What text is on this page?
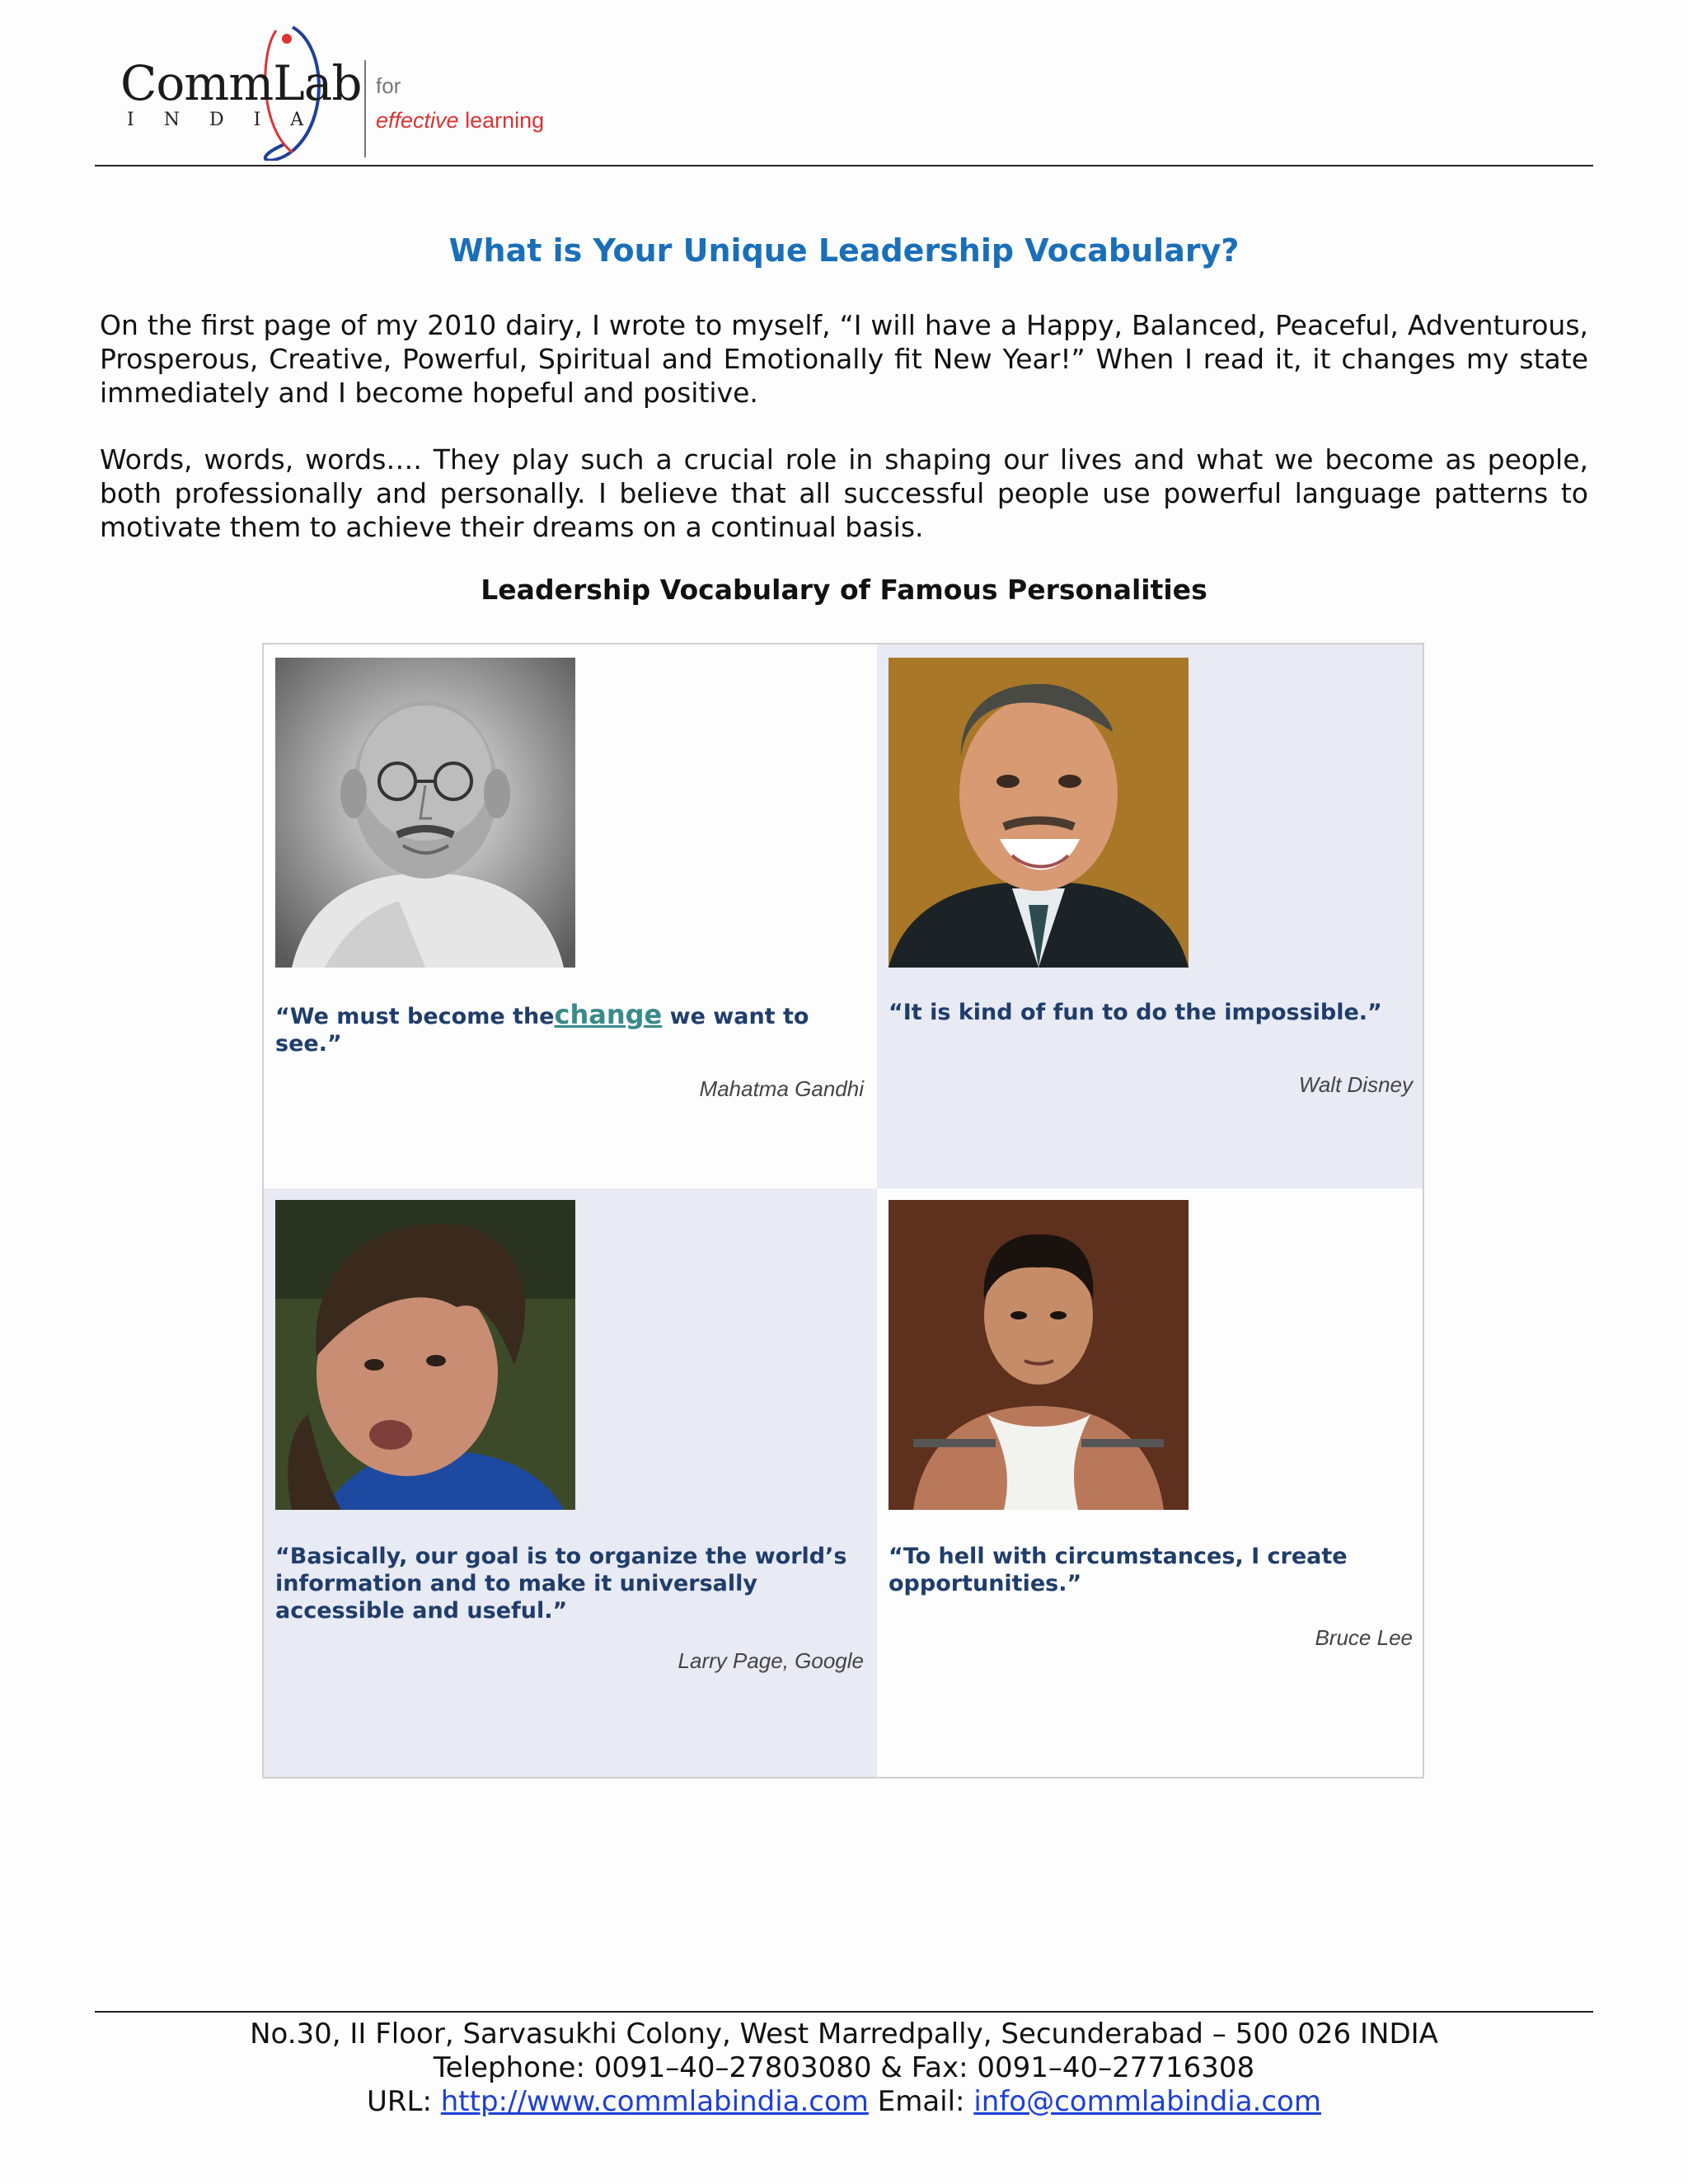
CommLab
INDIA
for
effective learning
What is Your Unique Leadership Vocabulary?
On the first page of my 2010 dairy, I wrote to myself, “I will have a Happy, Balanced, Peaceful, Adventurous, Prosperous, Creative, Powerful, Spiritual and Emotionally fit New Year!” When I read it, it changes my state immediately and I become hopeful and positive.
Words, words, words…. They play such a crucial role in shaping our lives and what we become as people, both professionally and personally. I believe that all successful people use powerful language patterns to motivate them to achieve their dreams on a continual basis.
Leadership Vocabulary of Famous Personalities
“We must become thechange we want to see.”
Mahatma Gandhi
“It is kind of fun to do the impossible.”
Walt Disney
“Basically, our goal is to organize the world’s information and to make it universally accessible and useful.”
Larry Page, Google
“To hell with circumstances, I create opportunities.”
Bruce Lee
No.30, II Floor, Sarvasukhi Colony, West Marredpally, Secunderabad – 500 026 INDIA
Telephone: 0091–40–27803080 & Fax: 0091–40–27716308
URL: http://www.commlabindia.com Email: info@commlabindia.com
